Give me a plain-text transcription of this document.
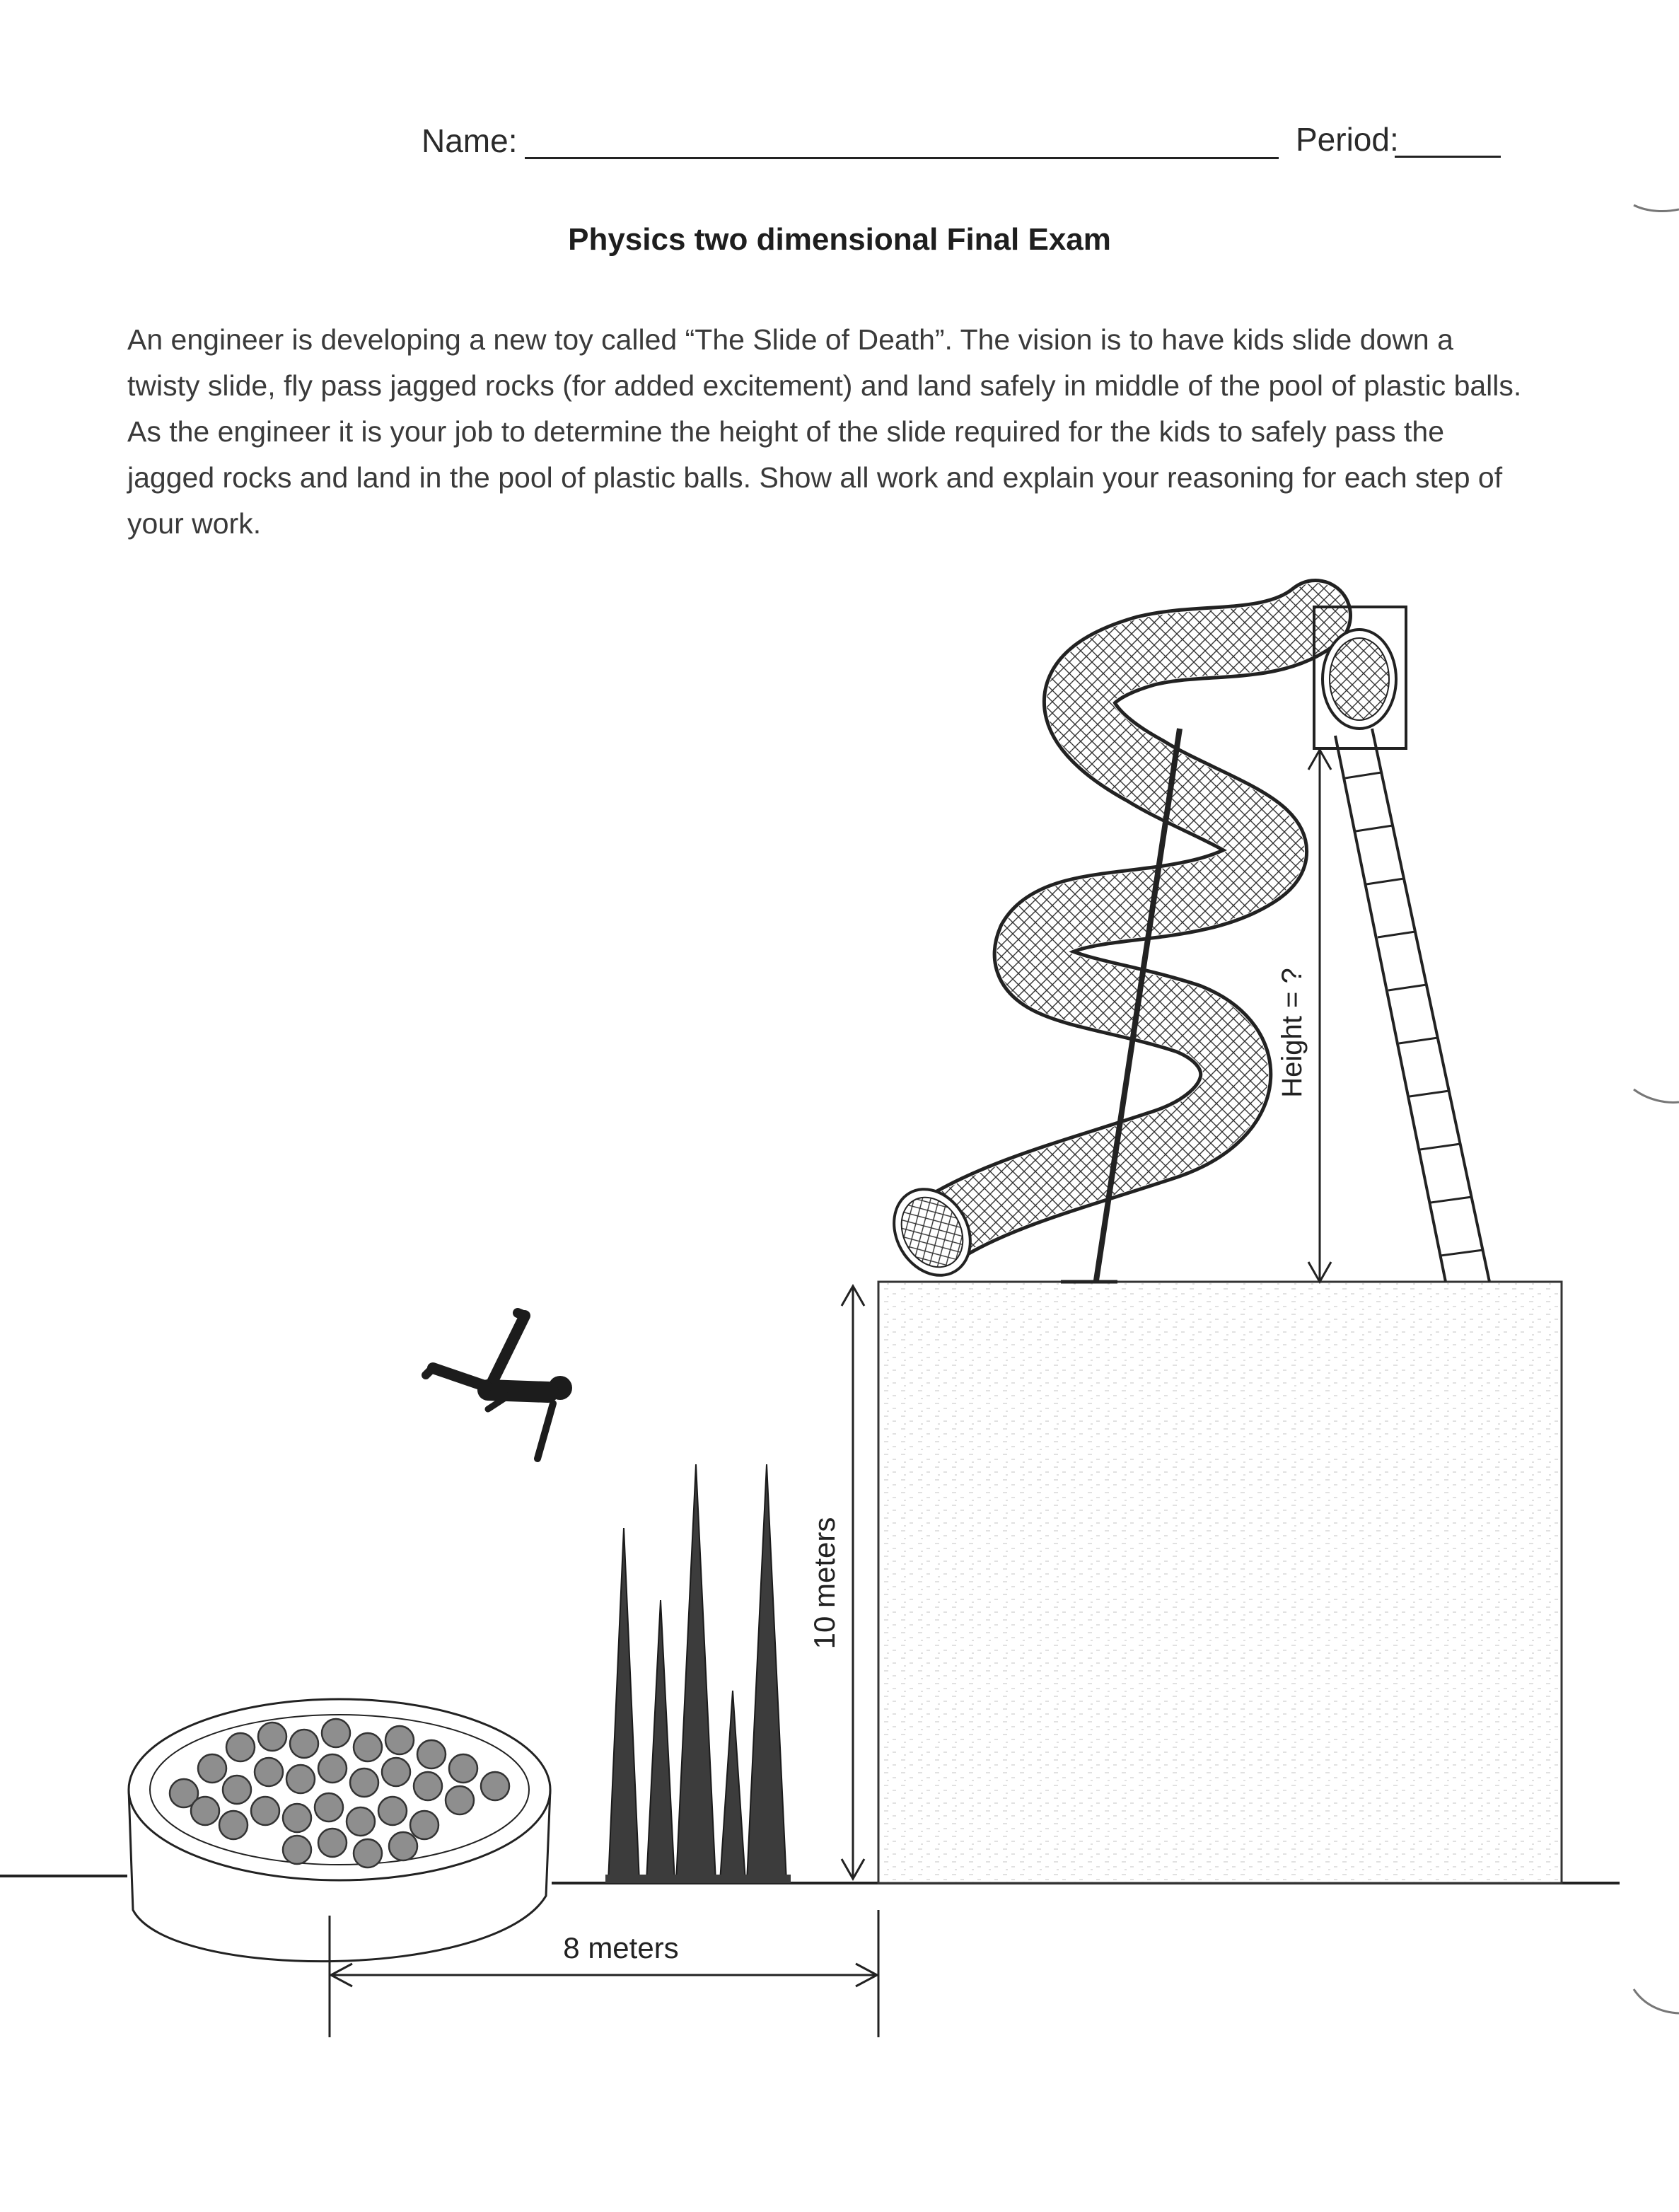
Name:	Period:
Physics two dimensional Final Exam

An engineer is developing a new toy called “The Slide of Death”. The vision is to have kids slide down a twisty slide, fly pass jagged rocks (for added excitement) and land safely in middle of the pool of plastic balls. As the engineer it is your job to determine the height of the slide required for the kids to safely pass the jagged rocks and land in the pool of plastic balls. Show all work and explain your reasoning for each step of your work.

10 meters
Height = ?
8 meters
